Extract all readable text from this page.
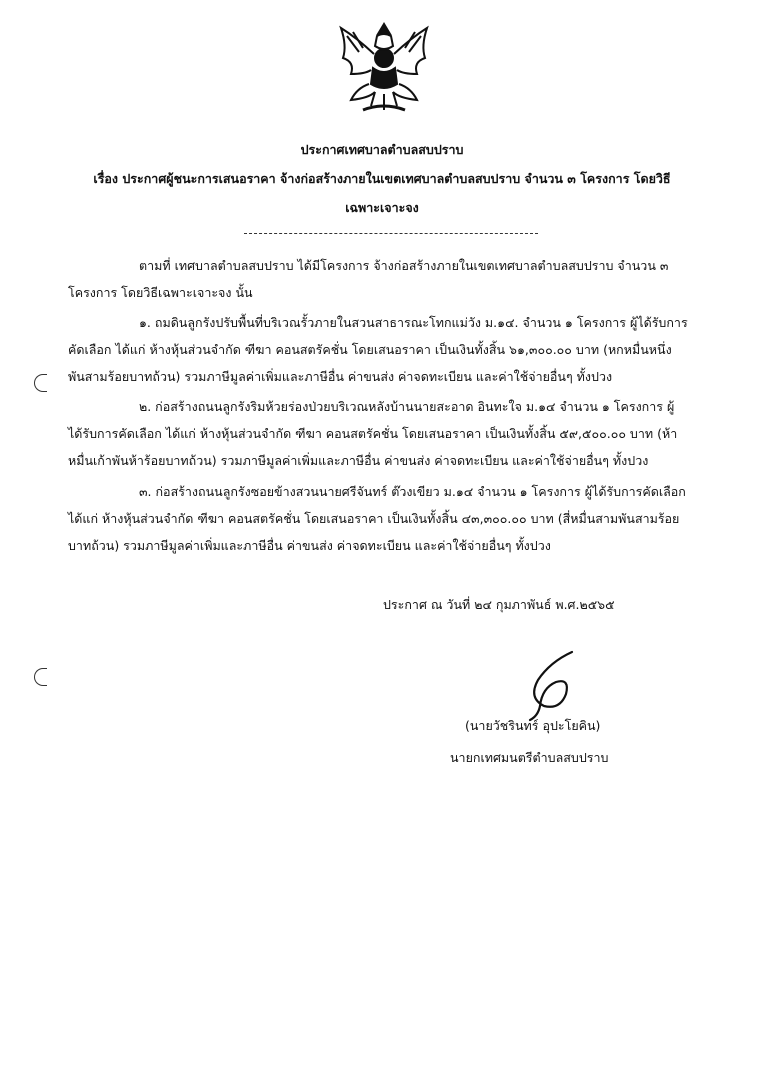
ประกาศเทศบาลตำบลสบปราบ
เรื่อง ประกาศผู้ชนะการเสนอราคา จ้างก่อสร้างภายในเขตเทศบาลตำบลสบปราบ จำนวน ๓ โครงการ โดยวิธี
เฉพาะเจาะจง
ตามที่ เทศบาลตำบลสบปราบ ได้มีโครงการ จ้างก่อสร้างภายในเขตเทศบาลตำบลสบปราบ จำนวน ๓
โครงการ โดยวิธีเฉพาะเจาะจง นั้น
๑. ถมดินลูกรังปรับพื้นที่บริเวณรั้วภายในสวนสาธารณะโทกแม่วัง ม.๑๔. จำนวน ๑ โครงการ ผู้ได้รับการ
คัดเลือก ได้แก่ ห้างหุ้นส่วนจำกัด ฑีฆา คอนสตรัคชั่น โดยเสนอราคา เป็นเงินทั้งสิ้น ๖๑,๓๐๐.๐๐ บาท (หกหมื่นหนึ่ง
พันสามร้อยบาทถ้วน) รวมภาษีมูลค่าเพิ่มและภาษีอื่น ค่าขนส่ง ค่าจดทะเบียน และค่าใช้จ่ายอื่นๆ ทั้งปวง
๒. ก่อสร้างถนนลูกรังริมห้วยร่องป่วยบริเวณหลังบ้านนายสะอาด อินทะใจ ม.๑๔ จำนวน ๑ โครงการ ผู้
ได้รับการคัดเลือก ได้แก่ ห้างหุ้นส่วนจำกัด ฑีฆา คอนสตรัคชั่น โดยเสนอราคา เป็นเงินทั้งสิ้น ๕๙,๕๐๐.๐๐ บาท (ห้า
หมื่นเก้าพันห้าร้อยบาทถ้วน) รวมภาษีมูลค่าเพิ่มและภาษีอื่น ค่าขนส่ง ค่าจดทะเบียน และค่าใช้จ่ายอื่นๆ ทั้งปวง
๓. ก่อสร้างถนนลูกรังซอยข้างสวนนายศรีจันทร์ ต๊วงเขียว ม.๑๔ จำนวน ๑ โครงการ ผู้ได้รับการคัดเลือก
ได้แก่ ห้างหุ้นส่วนจำกัด ฑีฆา คอนสตรัคชั่น โดยเสนอราคา เป็นเงินทั้งสิ้น ๔๓,๓๐๐.๐๐ บาท (สี่หมื่นสามพันสามร้อย
บาทถ้วน) รวมภาษีมูลค่าเพิ่มและภาษีอื่น ค่าขนส่ง ค่าจดทะเบียน และค่าใช้จ่ายอื่นๆ ทั้งปวง
ประกาศ ณ วันที่ ๒๔ กุมภาพันธ์ พ.ศ.๒๕๖๕
(นายวัชรินทร์ อุปะโยคิน)
นายกเทศมนตรีตำบลสบปราบ
